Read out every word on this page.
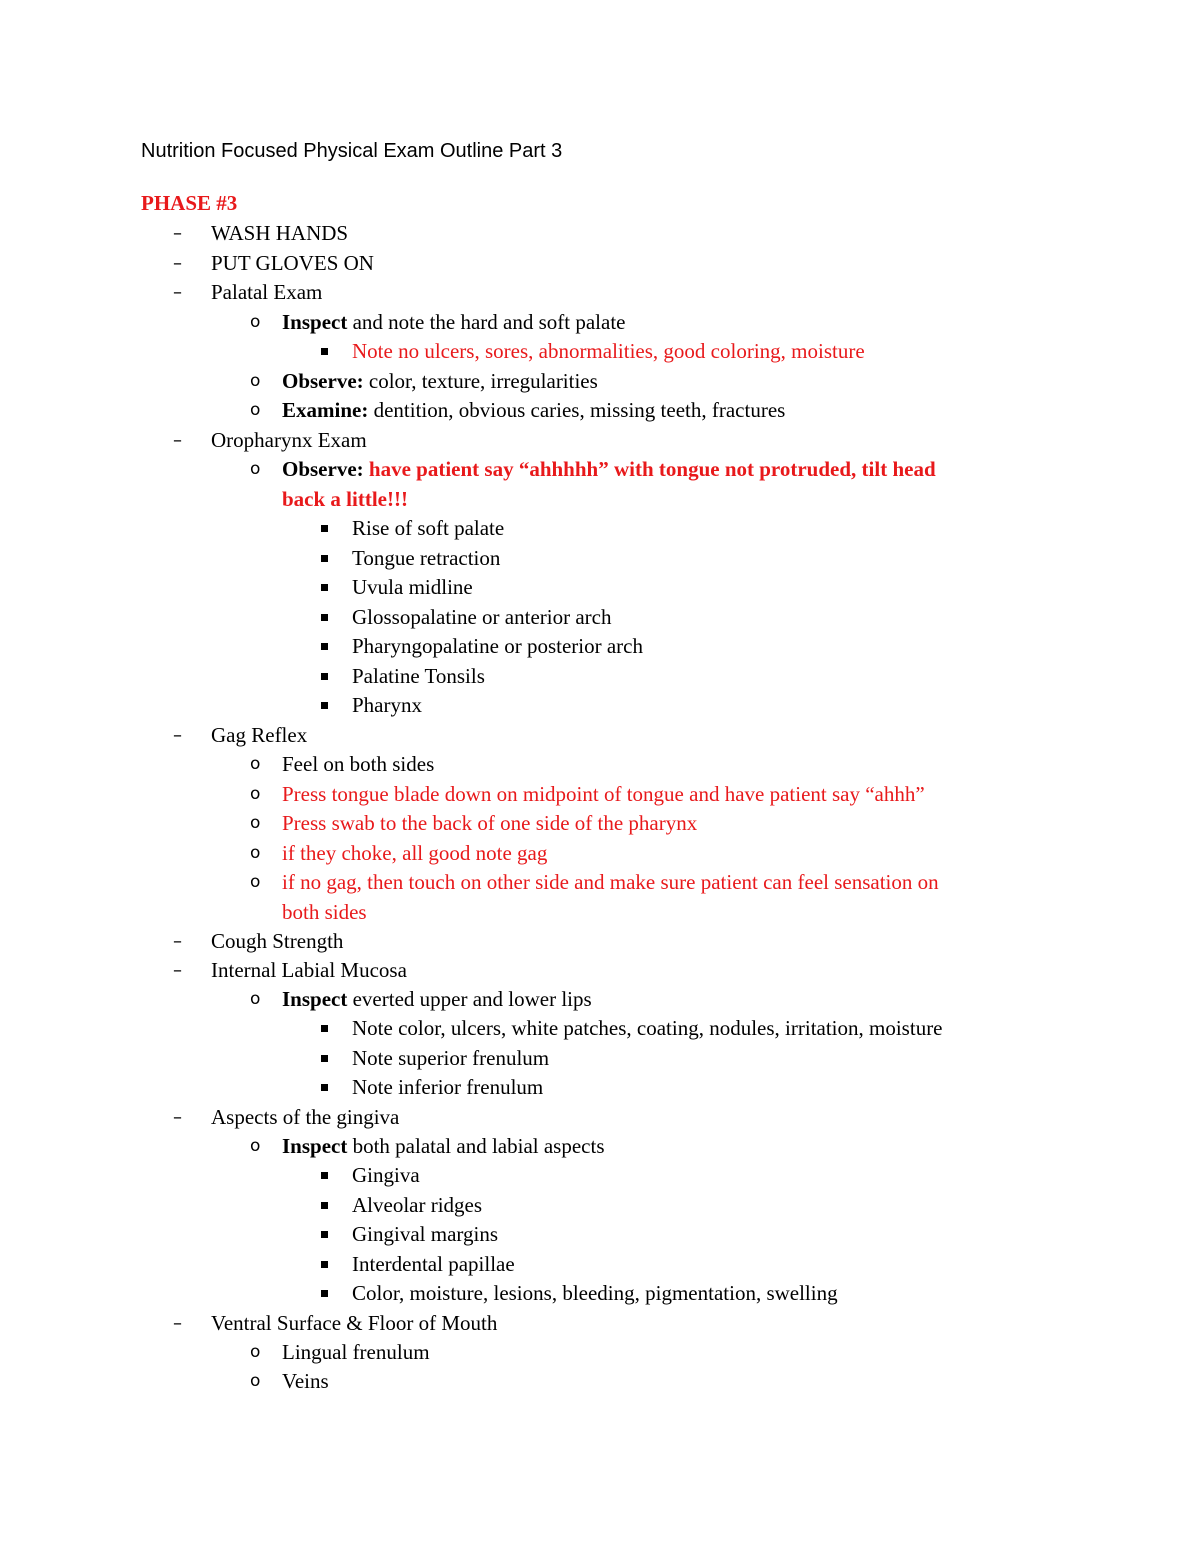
Nutrition Focused Physical Exam Outline Part 3
PHASE #3
– WASH HANDS
– PUT GLOVES ON
– Palatal Exam
o Inspect and note the hard and soft palate
Note no ulcers, sores, abnormalities, good coloring, moisture
o Observe: color, texture, irregularities
o Examine: dentition, obvious caries, missing teeth, fractures
– Oropharynx Exam
o Observe: have patient say “ahhhhh” with tongue not protruded, tilt head
back a little!!!
Rise of soft palate
Tongue retraction
Uvula midline
Glossopalatine or anterior arch
Pharyngopalatine or posterior arch
Palatine Tonsils
Pharynx
– Gag Reflex
o Feel on both sides
o Press tongue blade down on midpoint of tongue and have patient say “ahhh”
o Press swab to the back of one side of the pharynx
o if they choke, all good note gag
o if no gag, then touch on other side and make sure patient can feel sensation on
both sides
– Cough Strength
– Internal Labial Mucosa
o Inspect everted upper and lower lips
Note color, ulcers, white patches, coating, nodules, irritation, moisture
Note superior frenulum
Note inferior frenulum
– Aspects of the gingiva
o Inspect both palatal and labial aspects
Gingiva
Alveolar ridges
Gingival margins
Interdental papillae
Color, moisture, lesions, bleeding, pigmentation, swelling
– Ventral Surface & Floor of Mouth
o Lingual frenulum
o Veins
